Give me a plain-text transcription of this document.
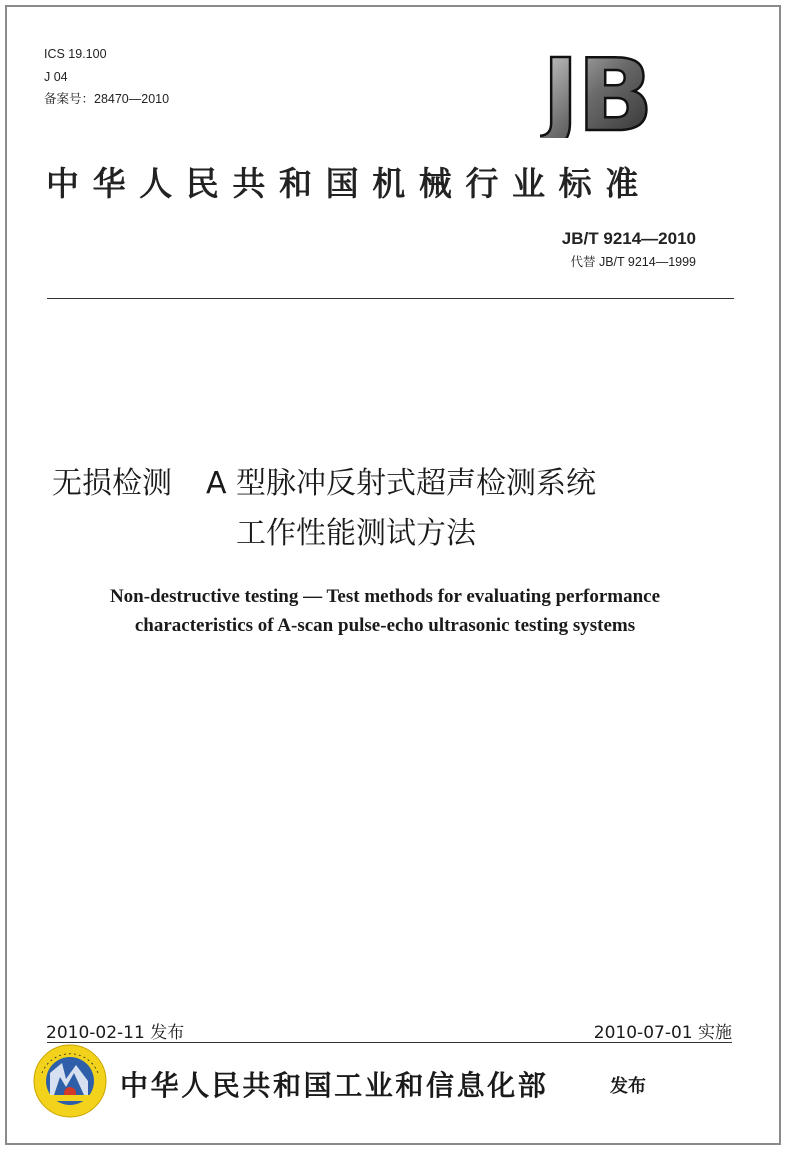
ICS 19.100
J 04
备案号：28470—2010	JB
中华人民共和国机械行业标准
JB/T 9214—2010
代替 JB/T 9214—1999
无损检测 A 型脉冲反射式超声检测系统
工作性能测试方法
Non-destructive testing — Test methods for evaluating performance
characteristics of A-scan pulse-echo ultrasonic testing systems
2010-02-11 发布	2010-07-01 实施
中华人民共和国工业和信息化部	发布
